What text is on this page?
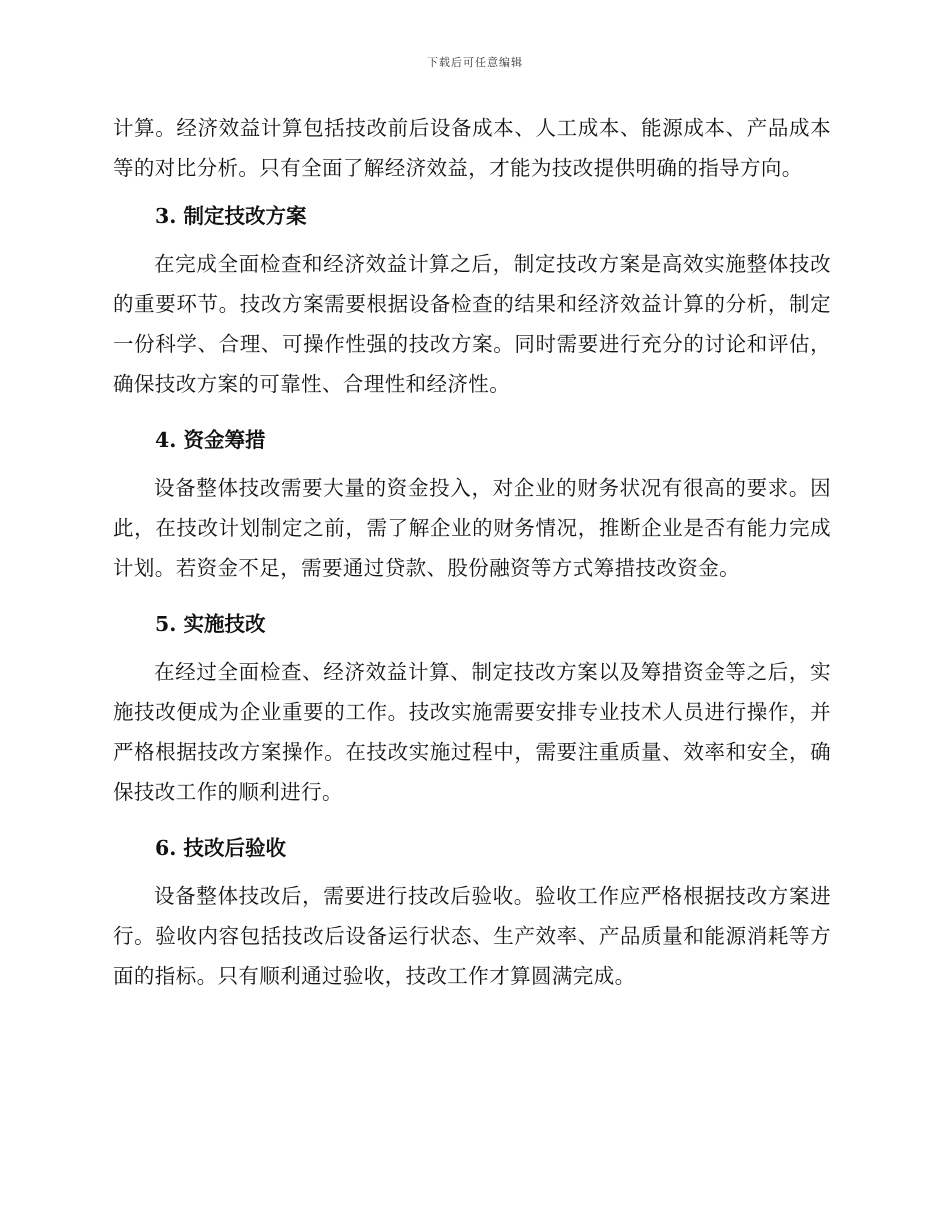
下载后可任意编辑

计算。经济效益计算包括技改前后设备成本、人工成本、能源成本、产品成本等的对比分析。只有全面了解经济效益，才能为技改提供明确的指导方向。

3. 制定技改方案

在完成全面检查和经济效益计算之后，制定技改方案是高效实施整体技改的重要环节。技改方案需要根据设备检查的结果和经济效益计算的分析，制定一份科学、合理、可操作性强的技改方案。同时需要进行充分的讨论和评估，确保技改方案的可靠性、合理性和经济性。

4. 资金筹措

设备整体技改需要大量的资金投入，对企业的财务状况有很高的要求。因此，在技改计划制定之前，需了解企业的财务情况，推断企业是否有能力完成计划。若资金不足，需要通过贷款、股份融资等方式筹措技改资金。

5. 实施技改

在经过全面检查、经济效益计算、制定技改方案以及筹措资金等之后，实施技改便成为企业重要的工作。技改实施需要安排专业技术人员进行操作，并严格根据技改方案操作。在技改实施过程中，需要注重质量、效率和安全，确保技改工作的顺利进行。

6. 技改后验收

设备整体技改后，需要进行技改后验收。验收工作应严格根据技改方案进行。验收内容包括技改后设备运行状态、生产效率、产品质量和能源消耗等方面的指标。只有顺利通过验收，技改工作才算圆满完成。
